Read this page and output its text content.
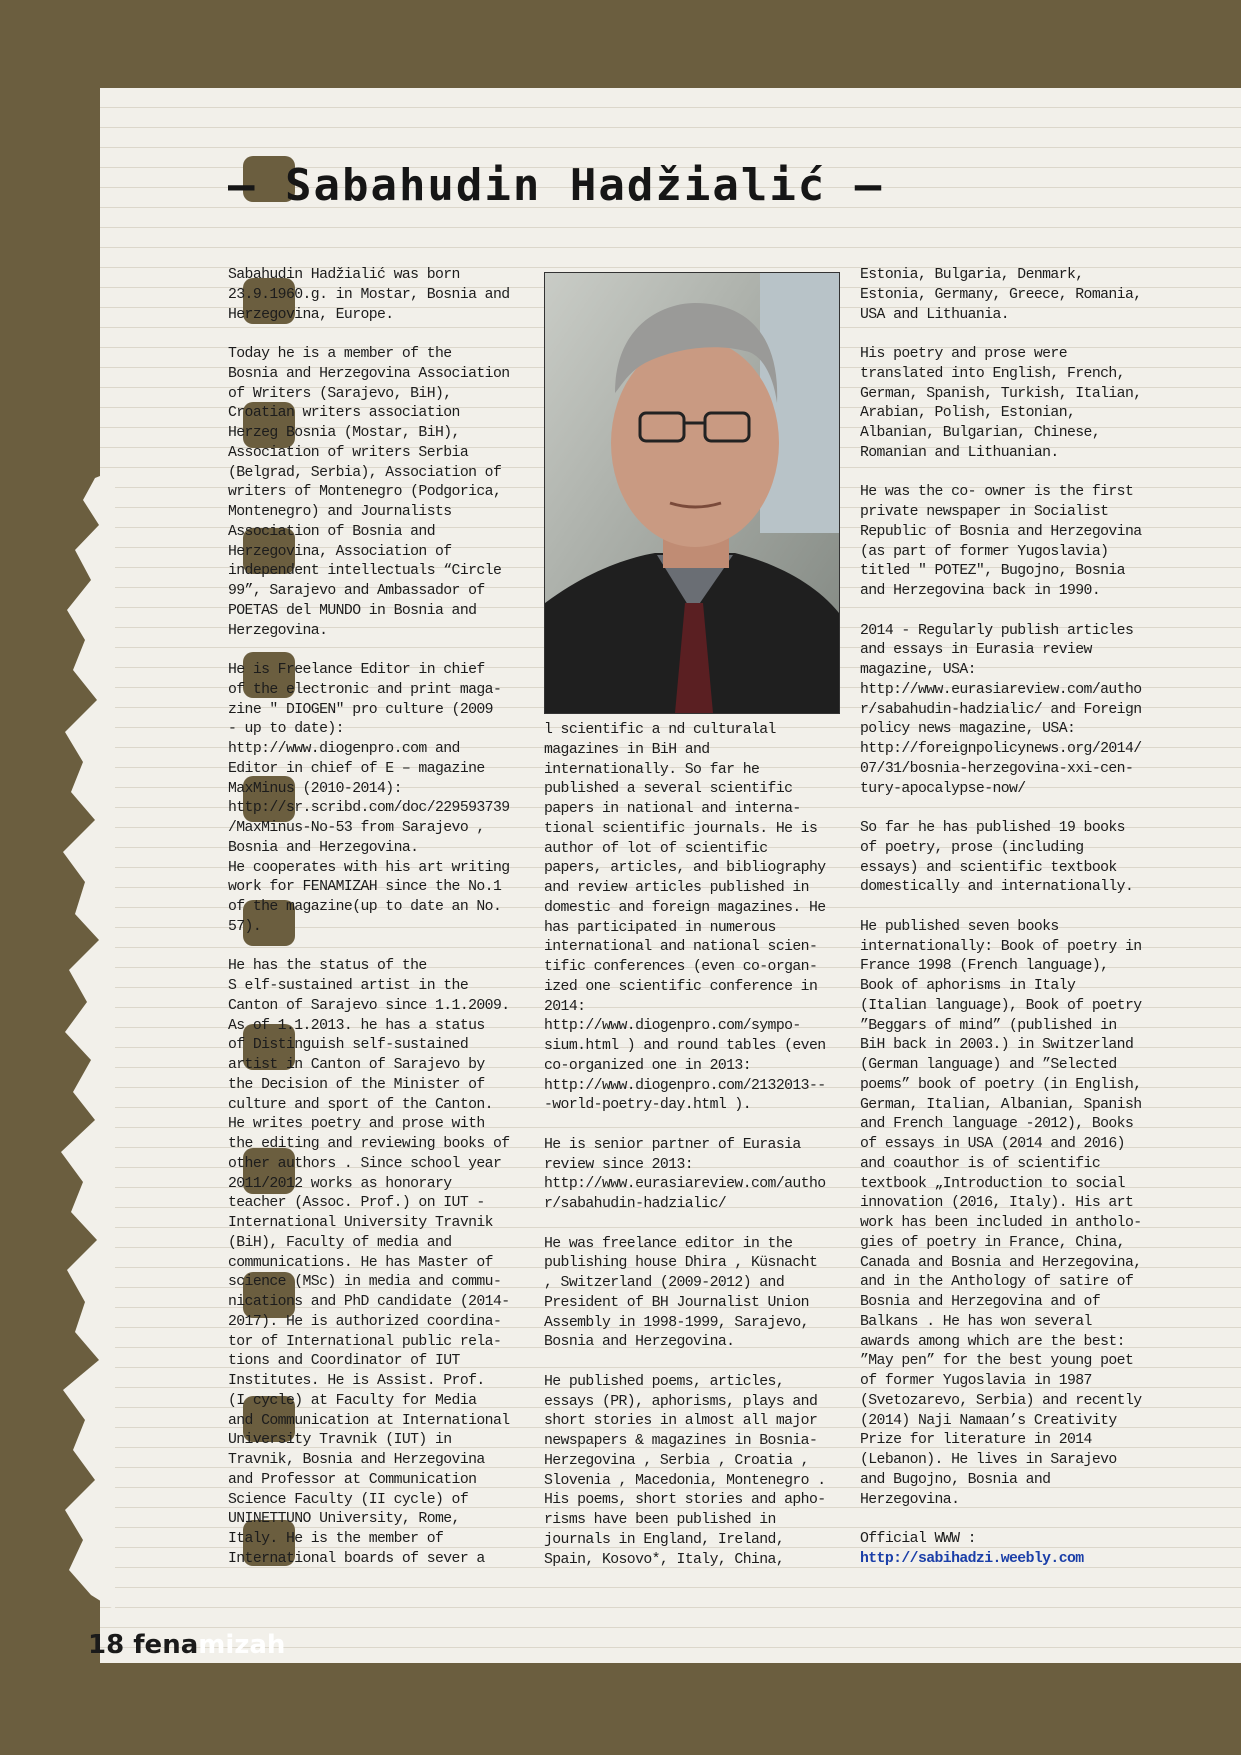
– Sabahudin Hadžialić –

Sabahudin Hadžialić was born
23.9.1960.g. in Mostar, Bosnia and
Herzegovina, Europe.

Today he is a member of the
Bosnia and Herzegovina Association
of Writers (Sarajevo, BiH),
Croatian writers association
Herzeg Bosnia (Mostar, BiH),
Association of writers Serbia
(Belgrad, Serbia), Association of
writers of Montenegro (Podgorica,
Montenegro) and Journalists
Association of Bosnia and
Herzegovina, Association of
independent intellectuals “Circle
99”, Sarajevo and Ambassador of
POETAS del MUNDO in Bosnia and
Herzegovina.

He is Freelance Editor in chief
of the electronic and print maga-
zine " DIOGEN" pro culture (2009
- up to date):
http://www.diogenpro.com and
Editor in chief of E – magazine
MaxMinus (2010-2014):
http://sr.scribd.com/doc/229593739
/MaxMinus-No-53 from Sarajevo ,
Bosnia and Herzegovina.
He cooperates with his art writing
work for FENAMIZAH since the No.1
of the magazine(up to date an No.
57).

He has the status of the
S elf-sustained artist in the
Canton of Sarajevo since 1.1.2009.
As of 1.1.2013. he has a status
of Distinguish self-sustained
artist in Canton of Sarajevo by
the Decision of the Minister of
culture and sport of the Canton.
He writes poetry and prose with
the editing and reviewing books of
other authors . Since school year
2011/2012 works as honorary
teacher (Assoc. Prof.) on IUT -
International University Travnik
(BiH), Faculty of media and
communications. He has Master of
science (MSc) in media and commu-
nications and PhD candidate (2014-
2017). He is authorized coordina-
tor of International public rela-
tions and Coordinator of IUT
Institutes. He is Assist. Prof.
(I cycle) at Faculty for Media
and Communication at International
University Travnik (IUT) in
Travnik, Bosnia and Herzegovina
and Professor at Communication
Science Faculty (II cycle) of
UNINETTUNO University, Rome,
Italy. He is the member of
International boards of sever a

l scientific a nd culturalal
magazines in BiH and
internationally. So far he
published a several scientific
papers in national and interna-
tional scientific journals. He is
author of lot of scientific
papers, articles, and bibliography
and review articles published in
domestic and foreign magazines. He
has participated in numerous
international and national scien-
tific conferences (even co-organ-
ized one scientific conference in
2014:
http://www.diogenpro.com/sympo-
sium.html ) and round tables (even
co-organized one in 2013:
http://www.diogenpro.com/2132013--
-world-poetry-day.html ).

He is senior partner of Eurasia
review since 2013:
http://www.eurasiareview.com/autho
r/sabahudin-hadzialic/

He was freelance editor in the
publishing house Dhira , Küsnacht
, Switzerland (2009-2012) and
President of BH Journalist Union
Assembly in 1998-1999, Sarajevo,
Bosnia and Herzegovina.

He published poems, articles,
essays (PR), aphorisms, plays and
short stories in almost all major
newspapers & magazines in Bosnia-
Herzegovina , Serbia , Croatia ,
Slovenia , Macedonia, Montenegro .
His poems, short stories and apho-
risms have been published in
journals in England, Ireland,
Spain, Kosovo*, Italy, China,

Estonia, Bulgaria, Denmark,
Estonia, Germany, Greece, Romania,
USA and Lithuania.

His poetry and prose were
translated into English, French,
German, Spanish, Turkish, Italian,
Arabian, Polish, Estonian,
Albanian, Bulgarian, Chinese,
Romanian and Lithuanian.

He was the co- owner is the first
private newspaper in Socialist
Republic of Bosnia and Herzegovina
(as part of former Yugoslavia)
titled " POTEZ", Bugojno, Bosnia
and Herzegovina back in 1990.

2014 - Regularly publish articles
and essays in Eurasia review
magazine, USA:
http://www.eurasiareview.com/autho
r/sabahudin-hadzialic/ and Foreign
policy news magazine, USA:
http://foreignpolicynews.org/2014/
07/31/bosnia-herzegovina-xxi-cen-
tury-apocalypse-now/

So far he has published 19 books
of poetry, prose (including
essays) and scientific textbook
domestically and internationally.

He published seven books
internationally: Book of poetry in
France 1998 (French language),
Book of aphorisms in Italy
(Italian language), Book of poetry
”Beggars of mind” (published in
BiH back in 2003.) in Switzerland
(German language) and ”Selected
poems” book of poetry (in English,
German, Italian, Albanian, Spanish
and French language -2012), Books
of essays in USA (2014 and 2016)
and coauthor is of scientific
textbook „Introduction to social
innovation (2016, Italy). His art
work has been included in antholo-
gies of poetry in France, China,
Canada and Bosnia and Herzegovina,
and in the Anthology of satire of
Bosnia and Herzegovina and of
Balkans . He has won several
awards among which are the best:
”May pen” for the best young poet
of former Yugoslavia in 1987
(Svetozarevo, Serbia) and recently
(2014) Naji Namaan’s Creativity
Prize for literature in 2014
(Lebanon). He lives in Sarajevo
and Bugojno, Bosnia and
Herzegovina.

Official WWW :
http://sabihadzi.weebly.com
18 fenamizah
